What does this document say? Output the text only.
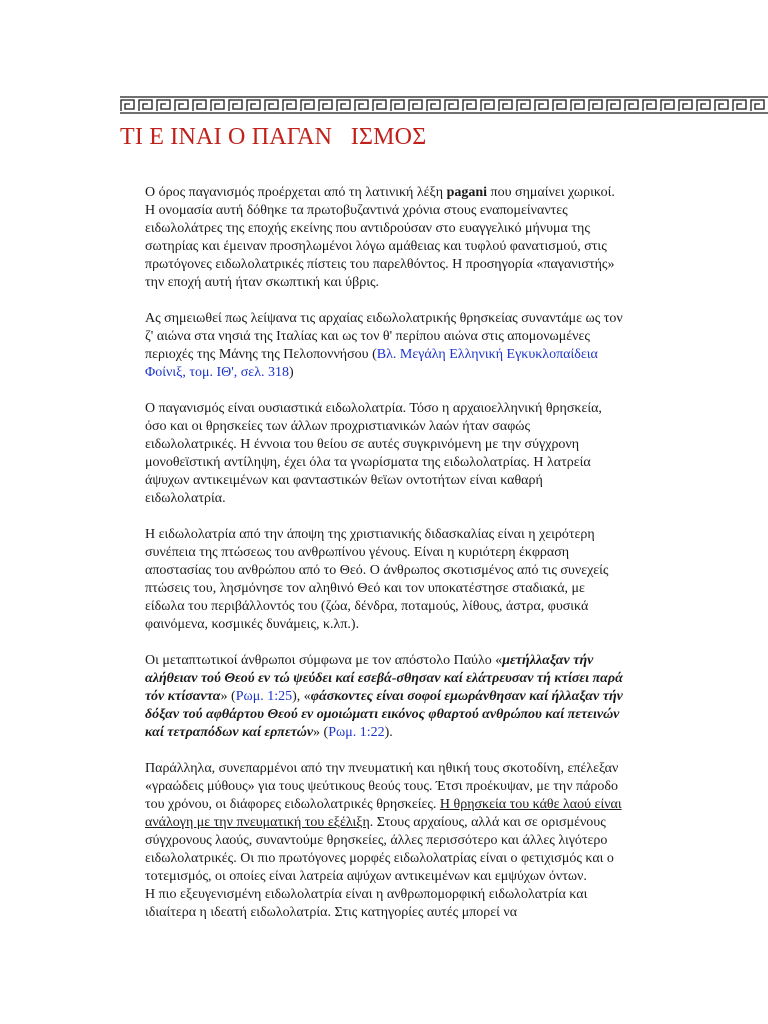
ΤΙ Ε ΙΝΑΙ Ο ΠΑΓΑΝ   ΙΣΜΟΣ

Ο όρος παγανισμός προέρχεται από τη λατινική λέξη pagani που σημαίνει χωρικοί. Η ονομασία αυτή δόθηκε τα πρωτοβυζαντινά χρόνια στους εναπομείναντες ειδωλολάτρες της εποχής εκείνης που αντιδρούσαν στο ευαγγελικό μήνυμα της σωτηρίας και έμειναν προσηλωμένοι λόγω αμάθειας και τυφλού φανατισμού, στις πρωτόγονες ειδωλολατρικές πίστεις του παρελθόντος. Η προσηγορία «παγανιστής» την εποχή αυτή ήταν σκωπτική και ύβρις.

Ας σημειωθεί πως λείψανα τις αρχαίας ειδωλολατρικής θρησκείας συναντάμε ως τον ζ' αιώνα στα νησιά της Ιταλίας και ως τον θ' περίπου αιώνα στις απομονωμένες περιοχές της Μάνης της Πελοποννήσου (Βλ. Μεγάλη Ελληνική Εγκυκλοπαίδεια Φοίνιξ, τομ. ΙΘ', σελ. 318)

Ο παγανισμός είναι ουσιαστικά ειδωλολατρία. Τόσο η αρχαιοελληνική θρησκεία, όσο και οι θρησκείες των άλλων προχριστιανικών λαών ήταν σαφώς ειδωλολατρικές. Η έννοια του θείου σε αυτές συγκρινόμενη με την σύγχρονη μονοθεϊστική αντίληψη, έχει όλα τα γνωρίσματα της ειδωλολατρίας. Η λατρεία άψυχων αντικειμένων και φανταστικών θεϊων οντοτήτων είναι καθαρή ειδωλολατρία.

Η ειδωλολατρία από την άποψη της χριστιανικής διδασκαλίας είναι η χειρότερη συνέπεια της πτώσεως του ανθρωπίνου γένους. Είναι η κυριότερη έκφραση αποστασίας του ανθρώπου από το Θεό. Ο άνθρωπος σκοτισμένος από τις συνεχείς πτώσεις του, λησμόνησε τον αληθινό Θεό και τον υποκατέστησε σταδιακά, με είδωλα του περιβάλλοντός του (ζώα, δένδρα, ποταμούς, λίθους, άστρα, φυσικά φαινόμενα, κοσμικές δυνάμεις, κ.λπ.).

Οι μεταπτωτικοί άνθρωποι σύμφωνα με τον απόστολο Παύλο «μετήλλαξαν τήν αλήθειαν τού Θεού εν τώ ψεύδει καί εσεβά-σθησαν καί ελάτρευσαν τή κτίσει παρά τόν κτίσαντα» (Ρωμ. 1:25), «φάσκοντες είναι σοφοί εμωράνθησαν καί ήλλαξαν τήν δόξαν τού αφθάρτου Θεού εν ομοιώματι εικόνος φθαρτού ανθρώπου καί πετεινών καί τετραπόδων καί ερπετών» (Ρωμ. 1:22).

Παράλληλα, συνεπαρμένοι από την πνευματική και ηθική τους σκοτοδίνη, επέλεξαν «γραώδεις μύθους» για τους ψεύτικους θεούς τους. Έτσι προέκυψαν, με την πάροδο του χρόνου, οι διάφορες ειδωλολατρικές θρησκείες. Η θρησκεία του κάθε λαού είναι ανάλογη με την πνευματική του εξέλιξη. Στους αρχαίους, αλλά και σε ορισμένους σύγχρονους λαούς, συναντούμε θρησκείες, άλλες περισσότερο και άλλες λιγότερο ειδωλολατρικές. Οι πιο πρωτόγονες μορφές ειδωλολατρίας είναι ο φετιχισμός και ο τοτεμισμός, οι οποίες είναι λατρεία αψύχων αντικειμένων και εμψύχων όντων.

Η πιο εξευγενισμένη ειδωλολατρία είναι η ανθρωπομορφική ειδωλολατρία και ιδιαίτερα η ιδεατή ειδωλολατρία. Στις κατηγορίες αυτές μπορεί να
